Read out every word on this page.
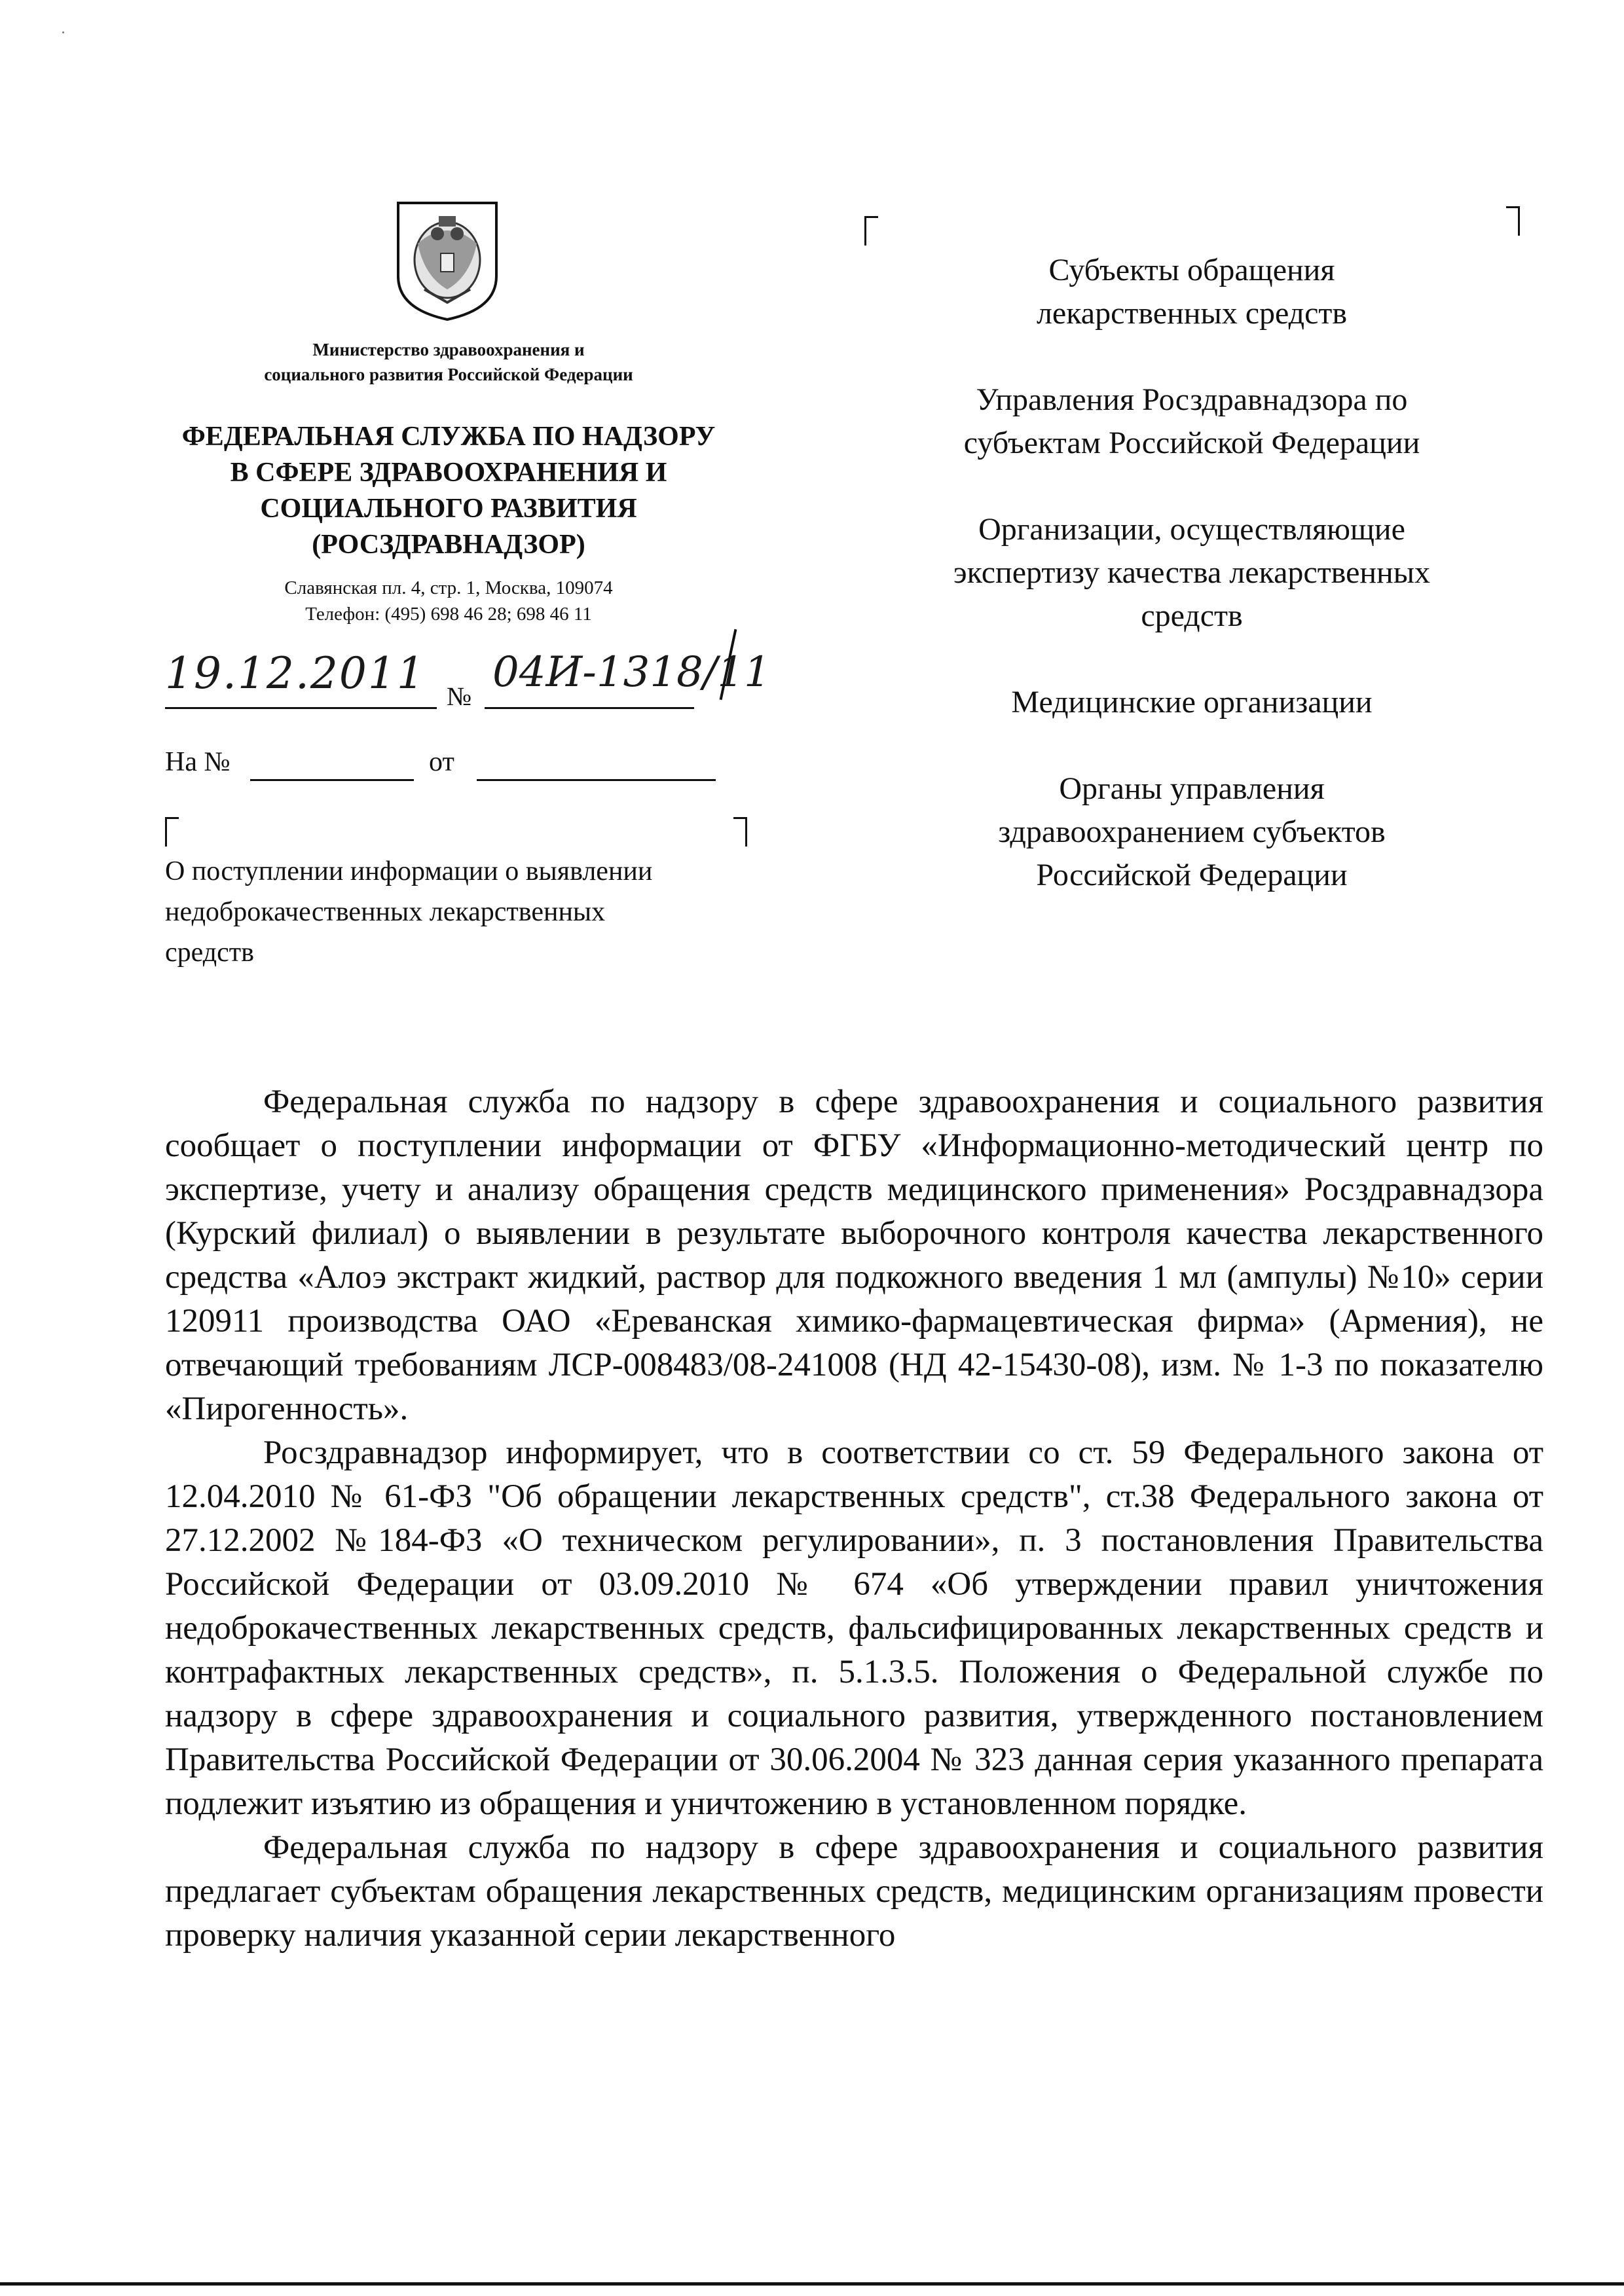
Министерство здравоохранения и
социального развития Российской Федерации
ФЕДЕРАЛЬНАЯ СЛУЖБА ПО НАДЗОРУ
В СФЕРЕ ЗДРАВООХРАНЕНИЯ И
СОЦИАЛЬНОГО РАЗВИТИЯ
(РОСЗДРАВНАДЗОР)
Славянская пл. 4, стр. 1, Москва, 109074
Телефон: (495) 698 46 28; 698 46 11
19.12.2011 № 04И-1318/11
На №	от
О поступлении информации о выявлении
недоброкачественных лекарственных
средств
Субъекты обращения
лекарственных средств
Управления Росздравнадзора по
субъектам Российской Федерации
Организации, осуществляющие
экспертизу качества лекарственных
средств
Медицинские организации
Органы управления
здравоохранением субъектов
Российской Федерации

Федеральная служба по надзору в сфере здравоохранения и социального развития сообщает о поступлении информации от ФГБУ «Информационно-методический центр по экспертизе, учету и анализу обращения средств медицинского применения» Росздравнадзора (Курский филиал) о выявлении в результате выборочного контроля качества лекарственного средства «Алоэ экстракт жидкий, раствор для подкожного введения 1 мл (ампулы) №10» серии 120911 производства ОАО «Ереванская химико-фармацевтическая фирма» (Армения), не отвечающий требованиям ЛСР-008483/08-241008 (НД 42-15430-08), изм. № 1-3 по показателю «Пирогенность».

Росздравнадзор информирует, что в соответствии со ст. 59 Федерального закона от 12.04.2010 № 61-ФЗ "Об обращении лекарственных средств", ст.38 Федерального закона от 27.12.2002 №184-ФЗ «О техническом регулировании», п. 3 постановления Правительства Российской Федерации от 03.09.2010 № 674 «Об утверждении правил уничтожения недоброкачественных лекарственных средств, фальсифицированных лекарственных средств и контрафактных лекарственных средств», п. 5.1.3.5. Положения о Федеральной службе по надзору в сфере здравоохранения и социального развития, утвержденного постановлением Правительства Российской Федерации от 30.06.2004 № 323 данная серия указанного препарата подлежит изъятию из обращения и уничтожению в установленном порядке.

Федеральная служба по надзору в сфере здравоохранения и социального развития предлагает субъектам обращения лекарственных средств, медицинским организациям провести проверку наличия указанной серии лекарственного
